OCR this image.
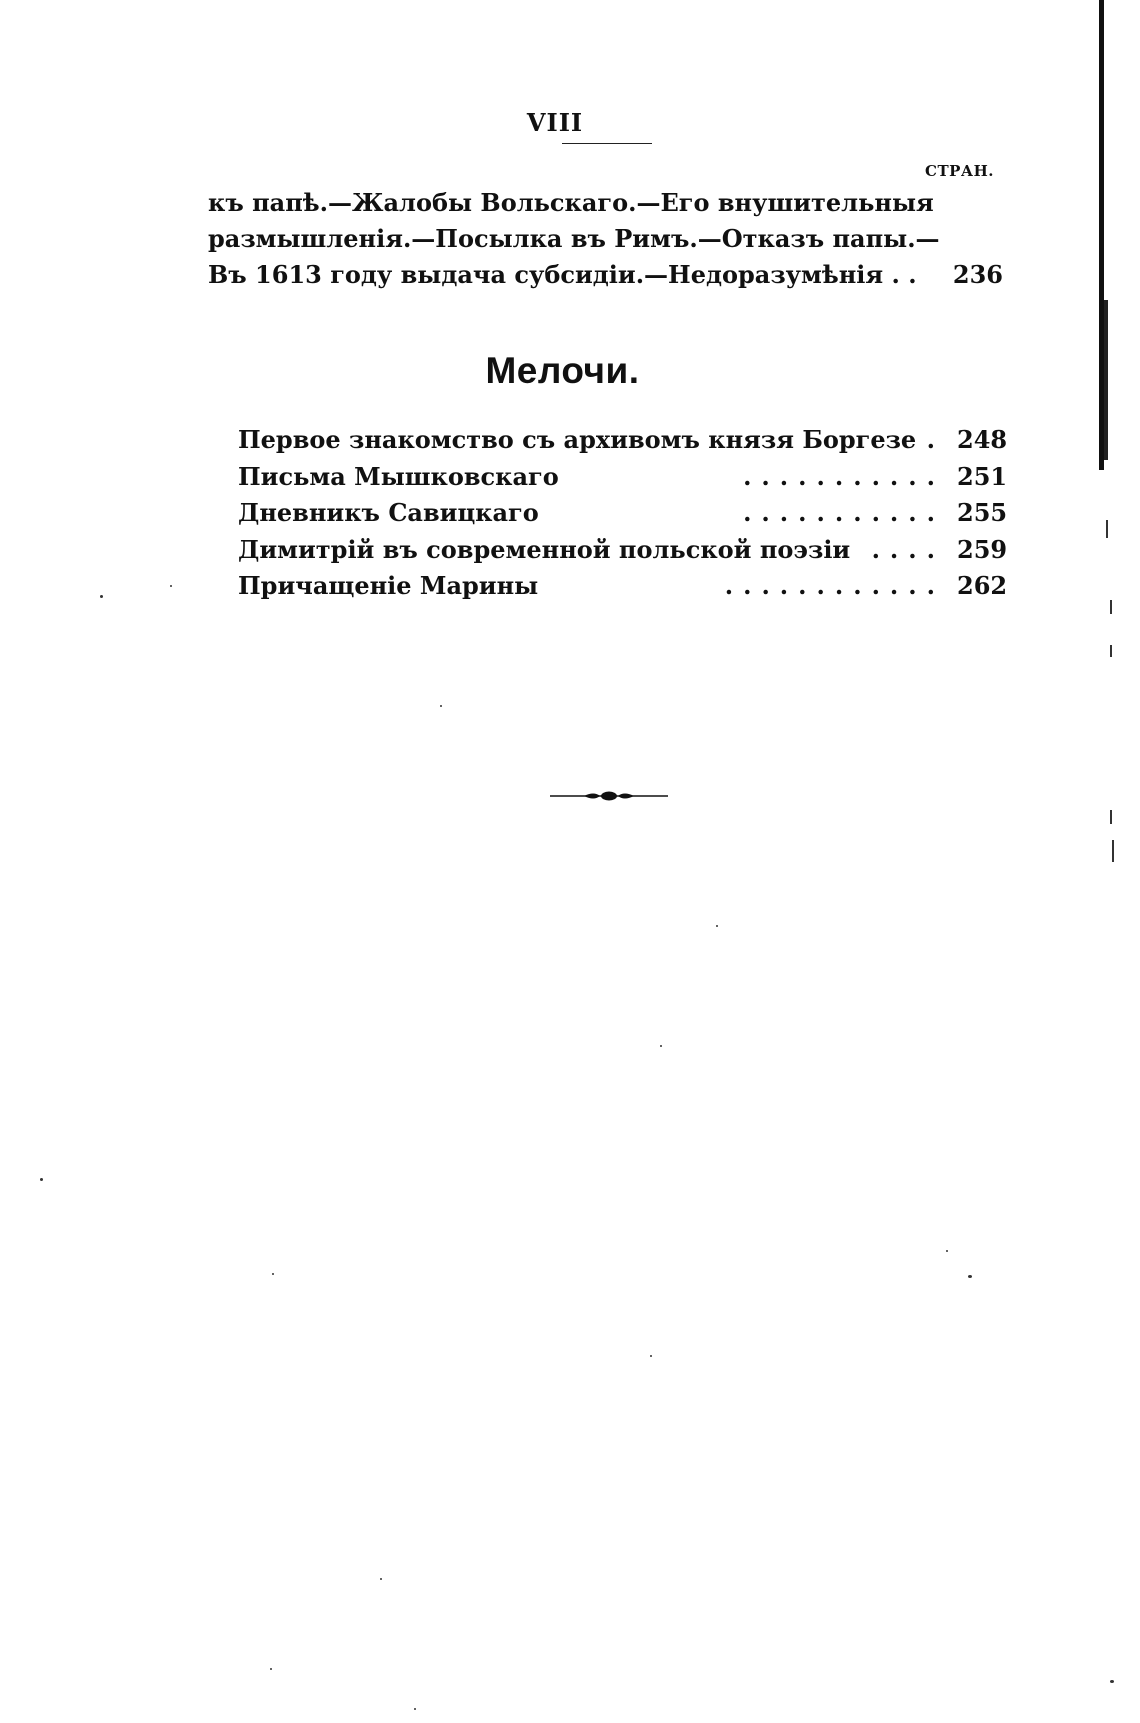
VIII
СТРАН.
къ папѣ.—Жалобы Вольскаго.—Его внушительныя
размышленія.—Посылка въ Римъ.—Отказъ папы.—
Въ 1613 году выдача субсидіи.—Недоразумѣнія . . 236
Мелочи.
Первое знакомство съ архивомъ князя Боргезе . 248
Письма Мышковскаго	........... 251
Дневникъ Савицкаго	........... 255
Димитрій въ современной польской поэзіи .... 259
Причащеніе Марины	............ 262
